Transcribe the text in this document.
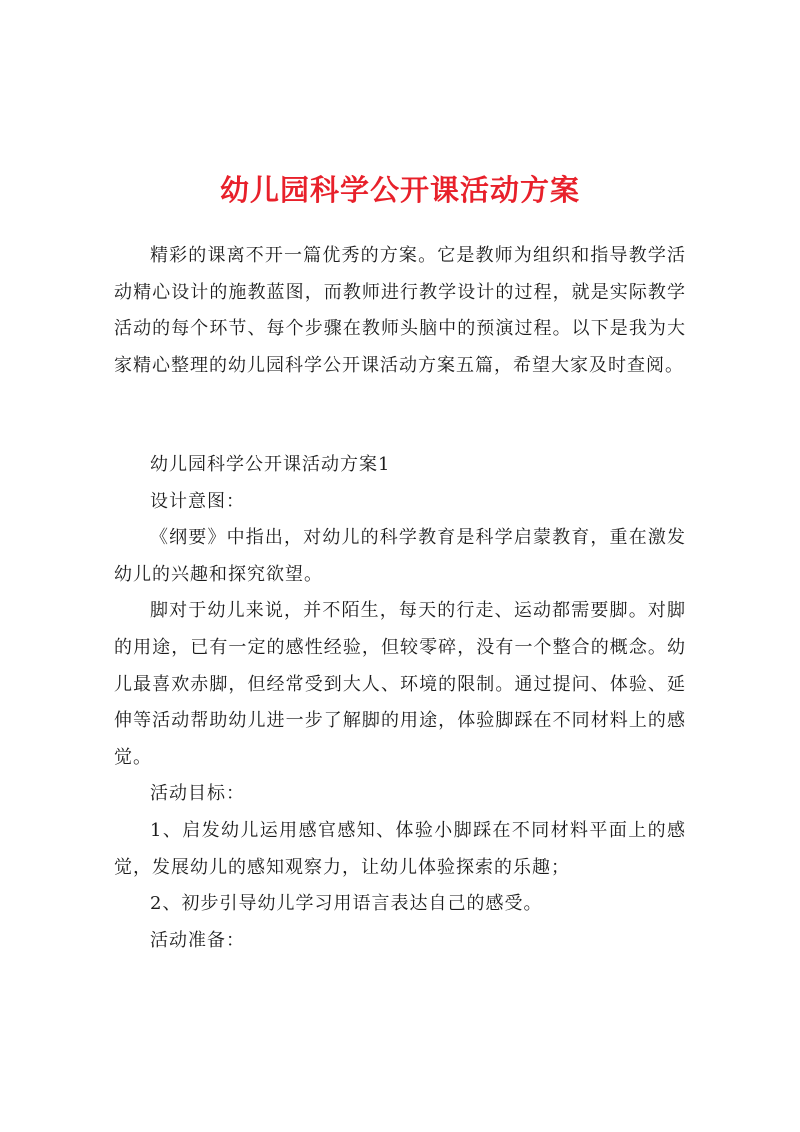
幼儿园科学公开课活动方案

精彩的课离不开一篇优秀的方案。它是教师为组织和指导教学活动精心设计的施教蓝图，而教师进行教学设计的过程，就是实际教学活动的每个环节、每个步骤在教师头脑中的预演过程。以下是我为大家精心整理的幼儿园科学公开课活动方案五篇，希望大家及时查阅。

幼儿园科学公开课活动方案1

设计意图：

《纲要》中指出，对幼儿的科学教育是科学启蒙教育，重在激发幼儿的兴趣和探究欲望。

脚对于幼儿来说，并不陌生，每天的行走、运动都需要脚。对脚的用途，已有一定的感性经验，但较零碎，没有一个整合的概念。幼儿最喜欢赤脚，但经常受到大人、环境的限制。通过提问、体验、延伸等活动帮助幼儿进一步了解脚的用途，体验脚踩在不同材料上的感觉。

活动目标：

1、启发幼儿运用感官感知、体验小脚踩在不同材料平面上的感觉，发展幼儿的感知观察力，让幼儿体验探索的乐趣；

2、初步引导幼儿学习用语言表达自己的感受。

活动准备：
